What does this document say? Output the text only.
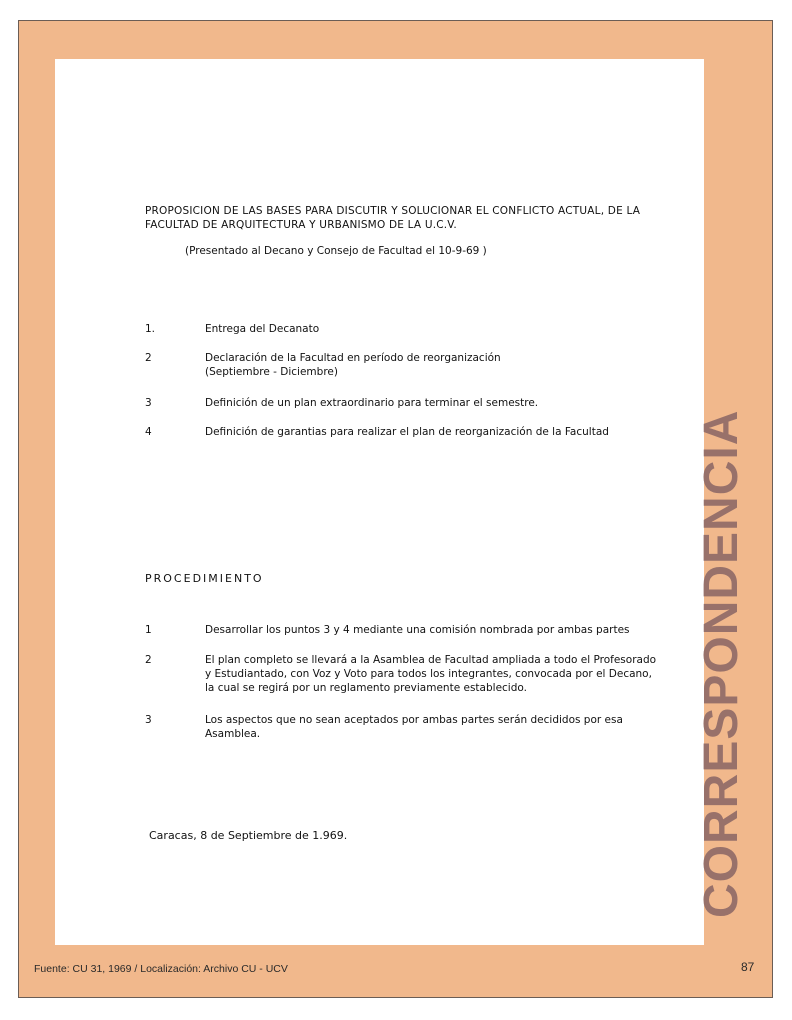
PROPOSICION DE LAS BASES PARA DISCUTIR Y SOLUCIONAR EL CONFLICTO ACTUAL, DE LA FACULTAD DE ARQUITECTURA Y URBANISMO DE LA U.C.V.
(Presentado al Decano y Consejo de Facultad el 10-9-69 )
1.	Entrega del Decanato
2	Declaración de la Facultad en período de reorganización (Septiembre - Diciembre)
3	Definición de un plan extraordinario para terminar el semestre.
4	Definición de garantias para realizar el plan de reorganización de la Facultad
PROCEDIMIENTO
1	Desarrollar los puntos 3 y 4 mediante una comisión nombrada por ambas partes
2	El plan completo se llevará a la Asamblea de Facultad ampliada a todo el Profesorado y Estudiantado, con Voz y Voto para todos los integrantes, convocada por el Decano, la cual se regirá por un reglamento previamente establecido.
3	Los aspectos que no sean aceptados por ambas partes serán decididos por esa Asamblea.
Caracas, 8 de Septiembre de 1.969.	CORRESPONDENCIA
Fuente: CU 31, 1969 / Localización: Archivo CU - UCV	87
